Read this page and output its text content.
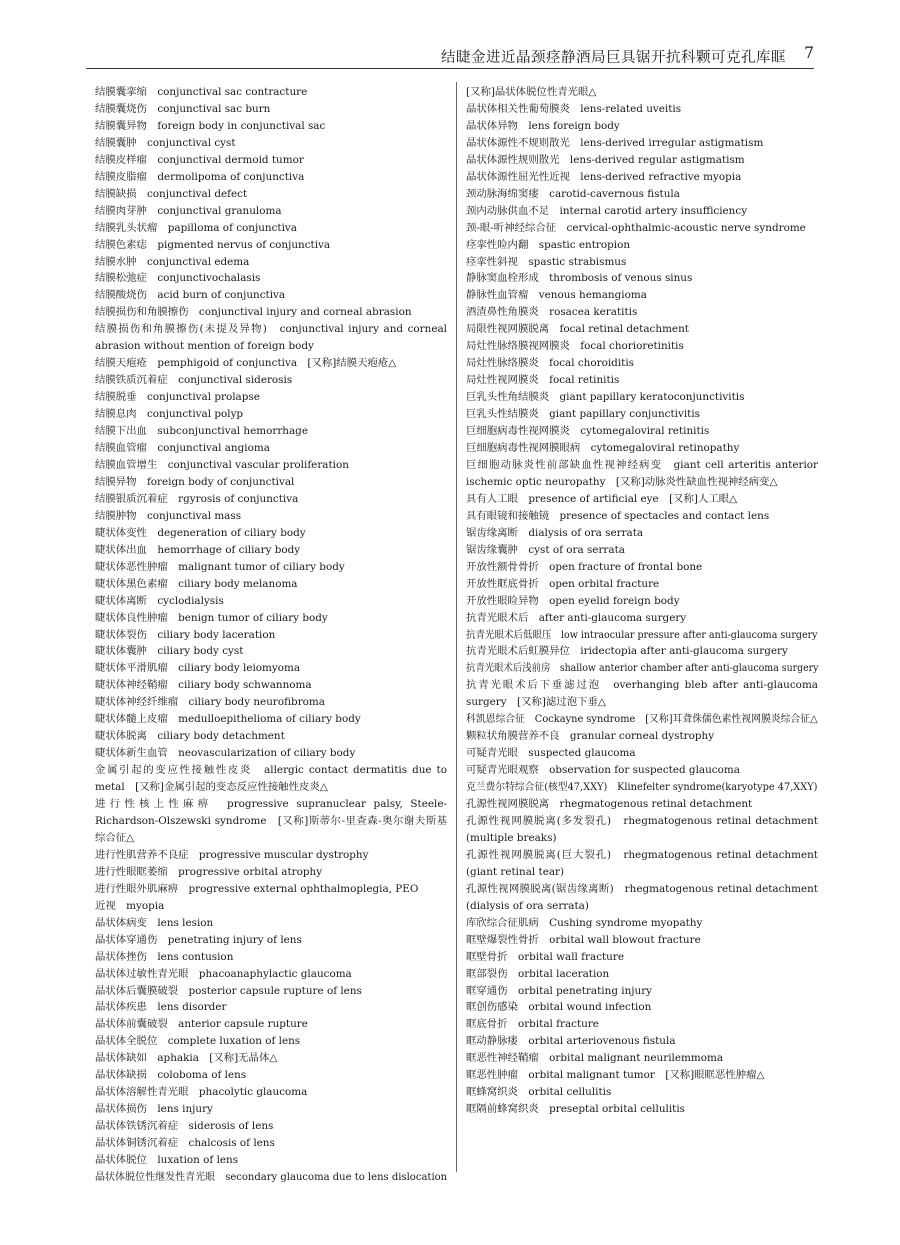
结睫金进近晶颈痉静酒局巨具锯开抗科颗可克孔库眶 7
结膜囊挛缩　conjunctival sac contracture
结膜囊烧伤　conjunctival sac burn
结膜囊异物　foreign body in conjunctival sac
结膜囊肿　conjunctival cyst
结膜皮样瘤　conjunctival dermoid tumor
结膜皮脂瘤　dermolipoma of conjunctiva
结膜缺损　conjunctival defect
结膜肉芽肿　conjunctival granuloma
结膜乳头状瘤　papilloma of conjunctiva
结膜色素痣　pigmented nervus of conjunctiva
结膜水肿　conjunctival edema
结膜松弛症　conjunctivochalasis
结膜酸烧伤　acid burn of conjunctiva
结膜损伤和角膜擦伤　conjunctival injury and corneal abrasion
结膜损伤和角膜擦伤(未提及异物)　conjunctival injury and corneal abrasion without mention of foreign body
结膜天疱疮　pemphigoid of conjunctiva　[又称]结膜天疱疮△
结膜铁质沉着症　conjunctival siderosis
结膜脱垂　conjunctival prolapse
结膜息肉　conjunctival polyp
结膜下出血　subconjunctival hemorrhage
结膜血管瘤　conjunctival angioma
结膜血管增生　conjunctival vascular proliferation
结膜异物　foreign body of conjunctival
结膜银质沉着症　rgyrosis of conjunctiva
结膜肿物　conjunctival mass
睫状体变性　degeneration of ciliary body
睫状体出血　hemorrhage of ciliary body
睫状体恶性肿瘤　malignant tumor of ciliary body
睫状体黑色素瘤　ciliary body melanoma
睫状体离断　cyclodialysis
睫状体良性肿瘤　benign tumor of ciliary body
睫状体裂伤　ciliary body laceration
睫状体囊肿　ciliary body cyst
睫状体平滑肌瘤　ciliary body leiomyoma
睫状体神经鞘瘤　ciliary body schwannoma
睫状体神经纤维瘤　ciliary body neurofibroma
睫状体髓上皮瘤　medulloepithelioma of ciliary body
睫状体脱离　ciliary body detachment
睫状体新生血管　neovascularization of ciliary body
金属引起的变应性接触性皮炎　allergic contact dermatitis due to metal　[又称]金属引起的变态反应性接触性皮炎△
进行性核上性麻痹　progressive supranuclear palsy, Steele-Richardson-Olszewski syndrome　[又称]斯蒂尔-里查森-奥尔谢夫斯基综合征△
进行性肌营养不良症　progressive muscular dystrophy
进行性眼眶萎缩　progressive orbital atrophy
进行性眼外肌麻痹　progressive external ophthalmoplegia, PEO
近视　myopia
晶状体病变　lens lesion
晶状体穿通伤　penetrating injury of lens
晶状体挫伤　lens contusion
晶状体过敏性青光眼　phacoanaphylactic glaucoma
晶状体后囊膜破裂　posterior capsule rupture of lens
晶状体疾患　lens disorder
晶状体前囊破裂　anterior capsule rupture
晶状体全脱位　complete luxation of lens
晶状体缺如　aphakia　[又称]无晶体△
晶状体缺损　coloboma of lens
晶状体溶解性青光眼　phacolytic glaucoma
晶状体损伤　lens injury
晶状体铁锈沉着症　siderosis of lens
晶状体铜锈沉着症　chalcosis of lens
晶状体脱位　luxation of lens
晶状体脱位性继发性青光眼　secondary glaucoma due to lens dislocation
[又称]晶状体脱位性青光眼△
晶状体相关性葡萄膜炎　lens-related uveitis
晶状体异物　lens foreign body
晶状体源性不规则散光　lens-derived irregular astigmatism
晶状体源性规则散光　lens-derived regular astigmatism
晶状体源性屈光性近视　lens-derived refractive myopia
颈动脉海绵窦瘘　carotid-cavernous fistula
颈内动脉供血不足　internal carotid artery insufficiency
颈-眼-听神经综合征　cervical-ophthalmic-acoustic nerve syndrome
痉挛性睑内翻　spastic entropion
痉挛性斜视　spastic strabismus
静脉窦血栓形成　thrombosis of venous sinus
静脉性血管瘤　venous hemangioma
酒渣鼻性角膜炎　rosacea keratitis
局限性视网膜脱离　focal retinal detachment
局灶性脉络膜视网膜炎　focal chorioretinitis
局灶性脉络膜炎　focal choroiditis
局灶性视网膜炎　focal retinitis
巨乳头性角结膜炎　giant papillary keratoconjunctivitis
巨乳头性结膜炎　giant papillary conjunctivitis
巨细胞病毒性视网膜炎　cytomegaloviral retinitis
巨细胞病毒性视网膜眼病　cytomegaloviral retinopathy
巨细胞动脉炎性前部缺血性视神经病变　giant cell arteritis anterior ischemic optic neuropathy　[又称]动脉炎性缺血性视神经病变△
具有人工眼　presence of artificial eye　[又称]人工眼△
具有眼镜和接触镜　presence of spectacles and contact lens
锯齿缘离断　dialysis of ora serrata
锯齿缘囊肿　cyst of ora serrata
开放性额骨骨折　open fracture of frontal bone
开放性眶底骨折　open orbital fracture
开放性眼睑异物　open eyelid foreign body
抗青光眼术后　after anti-glaucoma surgery
抗青光眼术后低眼压　low intraocular pressure after anti-glaucoma surgery
抗青光眼术后虹膜异位　iridectopia after anti-glaucoma surgery
抗青光眼术后浅前房　shallow anterior chamber after anti-glaucoma surgery
抗青光眼术后下垂滤过泡　overhanging bleb after anti-glaucoma surgery　[又称]滤过泡下垂△
科凯恩综合征　Cockayne syndrome　[又称]耳聋侏儒色素性视网膜炎综合征△
颗粒状角膜营养不良　granular corneal dystrophy
可疑青光眼　suspected glaucoma
可疑青光眼观察　observation for suspected glaucoma
克兰费尔特综合征(核型47,XXY)　Klinefelter syndrome(karyotype 47,XXY)
孔源性视网膜脱离　rhegmatogenous retinal detachment
孔源性视网膜脱离(多发裂孔)　rhegmatogenous retinal detachment (multiple breaks)
孔源性视网膜脱离(巨大裂孔)　rhegmatogenous retinal detachment (giant retinal tear)
孔源性视网膜脱离(锯齿缘离断)　rhegmatogenous retinal detachment (dialysis of ora serrata)
库欣综合征肌病　Cushing syndrome myopathy
眶壁爆裂性骨折　orbital wall blowout fracture
眶壁骨折　orbital wall fracture
眶部裂伤　orbital laceration
眶穿通伤　orbital penetrating injury
眶创伤感染　orbital wound infection
眶底骨折　orbital fracture
眶动静脉瘘　orbital arteriovenous fistula
眶恶性神经鞘瘤　orbital malignant neurilemmoma
眶恶性肿瘤　orbital malignant tumor　[又称]眼眶恶性肿瘤△
眶蜂窝织炎　orbital cellulitis
眶隔前蜂窝织炎　preseptal orbital cellulitis
